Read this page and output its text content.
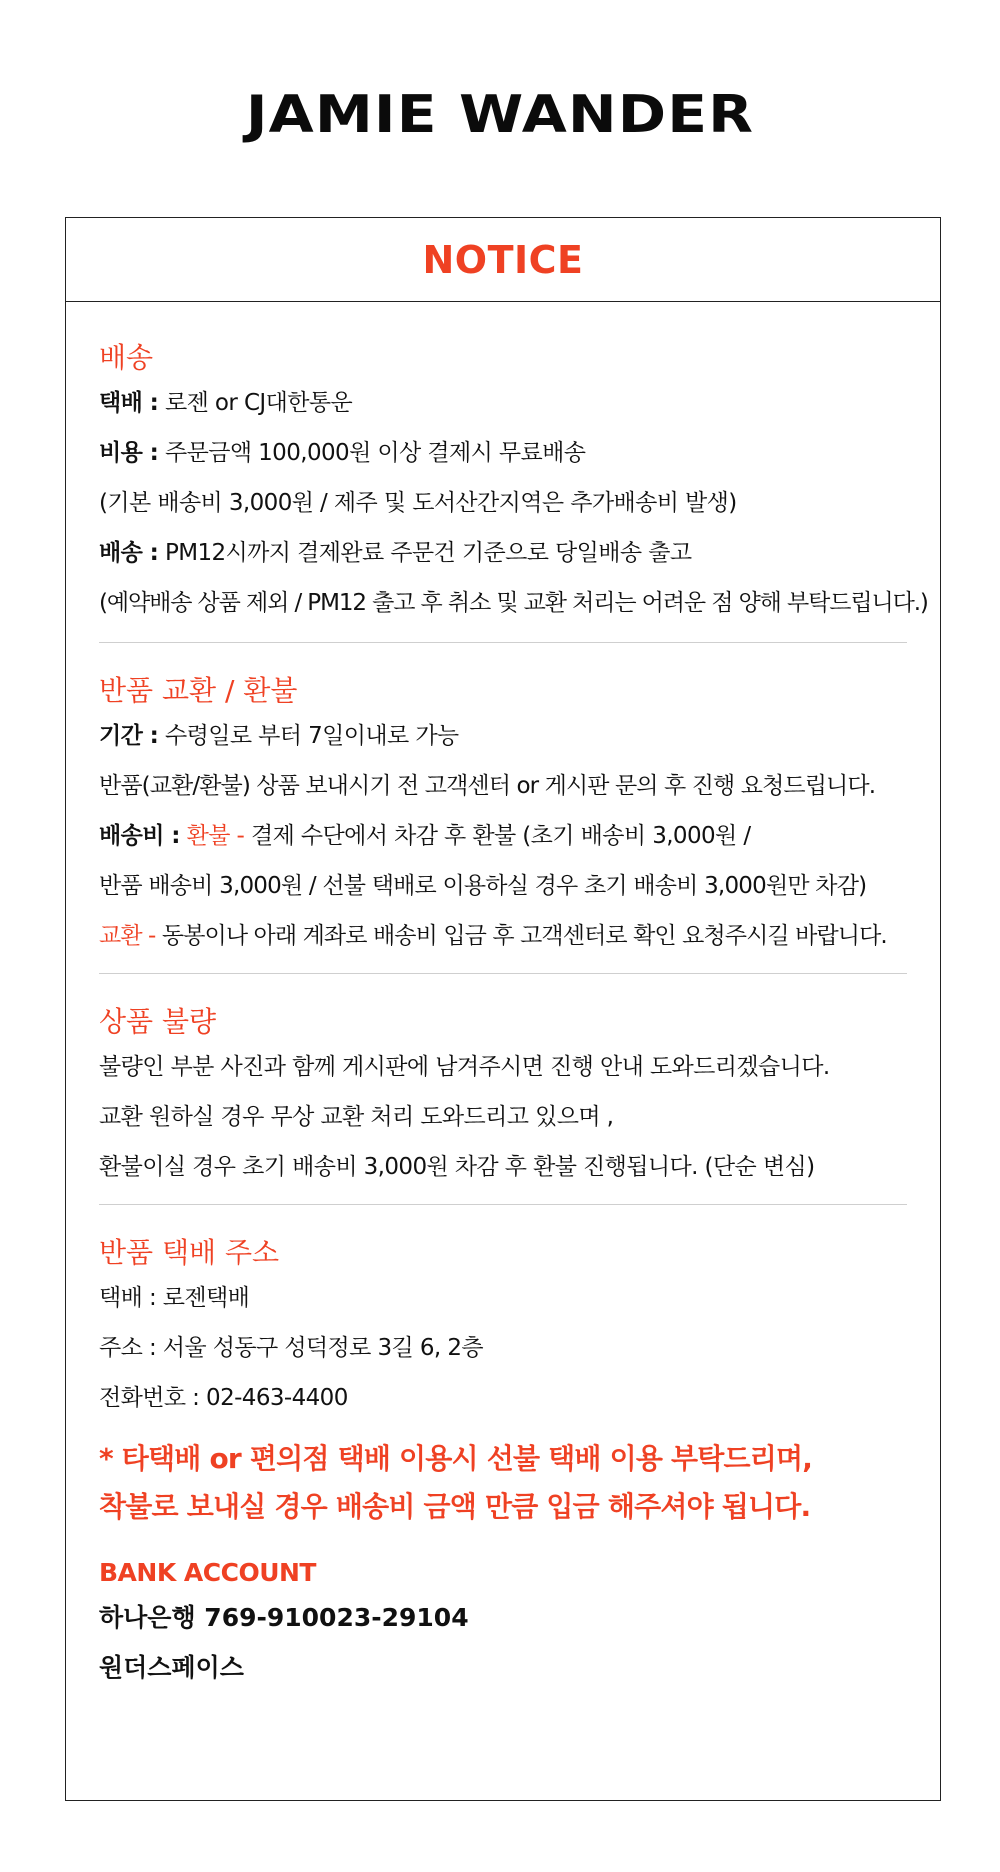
JAMIE WANDER
NOTICE
배송
택배 : 로젠 or CJ대한통운
비용 : 주문금액 100,000원 이상 결제시 무료배송
(기본 배송비 3,000원 / 제주 및 도서산간지역은 추가배송비 발생)
배송 : PM12시까지 결제완료 주문건 기준으로 당일배송 출고
(예약배송 상품 제외 / PM12 출고 후 취소 및 교환 처리는 어려운 점 양해 부탁드립니다.)
반품 교환 / 환불
기간 : 수령일로 부터 7일이내로 가능
반품(교환/환불) 상품 보내시기 전 고객센터 or 게시판 문의 후 진행 요청드립니다.
배송비 : 환불 - 결제 수단에서 차감 후 환불 (초기 배송비 3,000원 /
반품 배송비 3,000원 / 선불 택배로 이용하실 경우 초기 배송비 3,000원만 차감)
교환 - 동봉이나 아래 계좌로 배송비 입금 후 고객센터로 확인 요청주시길 바랍니다.
상품 불량
불량인 부분 사진과 함께 게시판에 남겨주시면 진행 안내 도와드리겠습니다.
교환 원하실 경우 무상 교환 처리 도와드리고 있으며 ,
환불이실 경우 초기 배송비 3,000원 차감 후 환불 진행됩니다. (단순 변심)
반품 택배 주소
택배 : 로젠택배
주소 : 서울 성동구 성덕정로 3길 6, 2층
전화번호 : 02-463-4400
* 타택배 or 편의점 택배 이용시 선불 택배 이용 부탁드리며,
착불로 보내실 경우 배송비 금액 만큼 입금 해주셔야 됩니다.
BANK ACCOUNT
하나은행 769-910023-29104
원더스페이스
